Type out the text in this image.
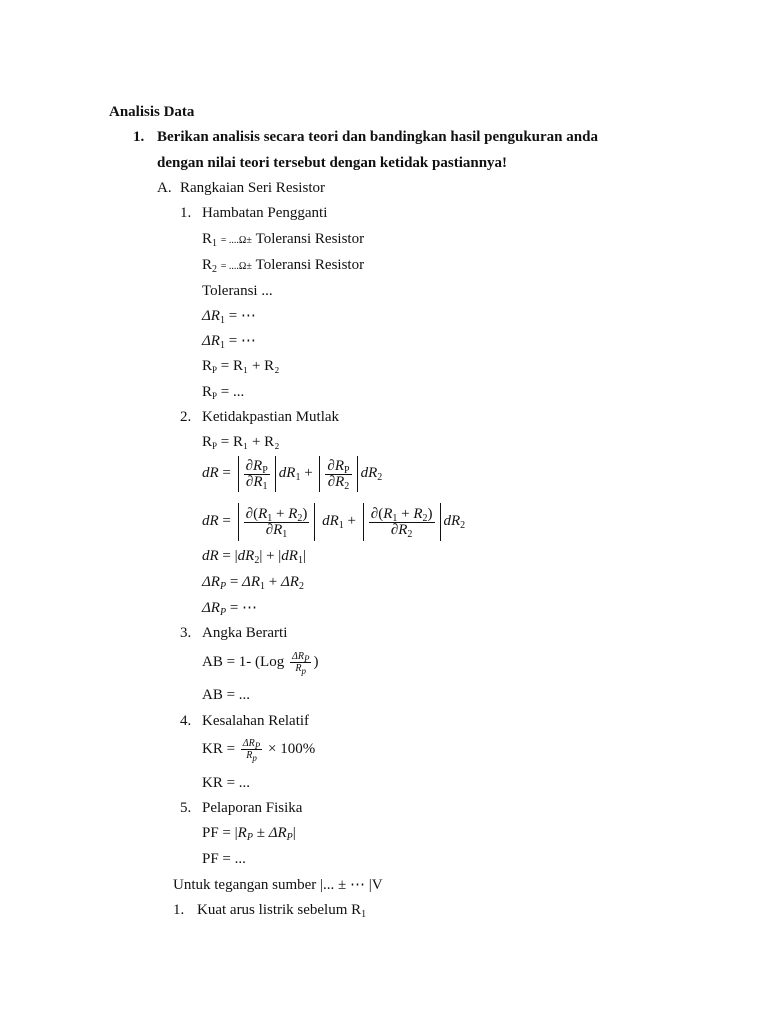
Analisis Data
1. Berikan analisis secara teori dan bandingkan hasil pengukuran anda
dengan nilai teori tersebut dengan ketidak pastiannya!
A. Rangkaian Seri Resistor
1. Hambatan Pengganti
$R_1 = ....\Omega\pm$ Toleransi Resistor
$R_2 = ....\Omega\pm$ Toleransi Resistor
Toleransi ...
$\Delta R_1$ = ⋯
$\Delta R_1$ = ⋯
$R_P = R_1 + R_2$
$R_P$ = ...
2. Ketidakpastian Mutlak
$R_P = R_1 + R_2$
dR = $\frac{\partial R_P}{\partial R_1} dR_1 + \frac{\partial R_P}{\partial R_2} dR_2$
dR = $\frac{\partial(R_1 + R_2)}{\partial R_1} dR_1 + \frac{\partial(R_1 + R_2)}{\partial R_2} dR_2$
dR = $|dR_2| + |dR_1|$
$\Delta R_P = \Delta R_1 + \Delta R_2$
$\Delta R_P$ = ⋯
3. Angka Berarti
AB = 1- ($Log \frac{\Delta R_P}{R_p}$ )
AB = ...
4. Kesalahan Relatif
KR = $\frac{\Delta R_P}{R_p} \times 100\%$
KR = ...
5. Pelaporan Fisika
PF = $|R_P \pm \Delta R_P|$
PF = ...
Untuk tegangan sumber |... ± ⋯ |V
1. Kuat arus listrik sebelum $R_1$
